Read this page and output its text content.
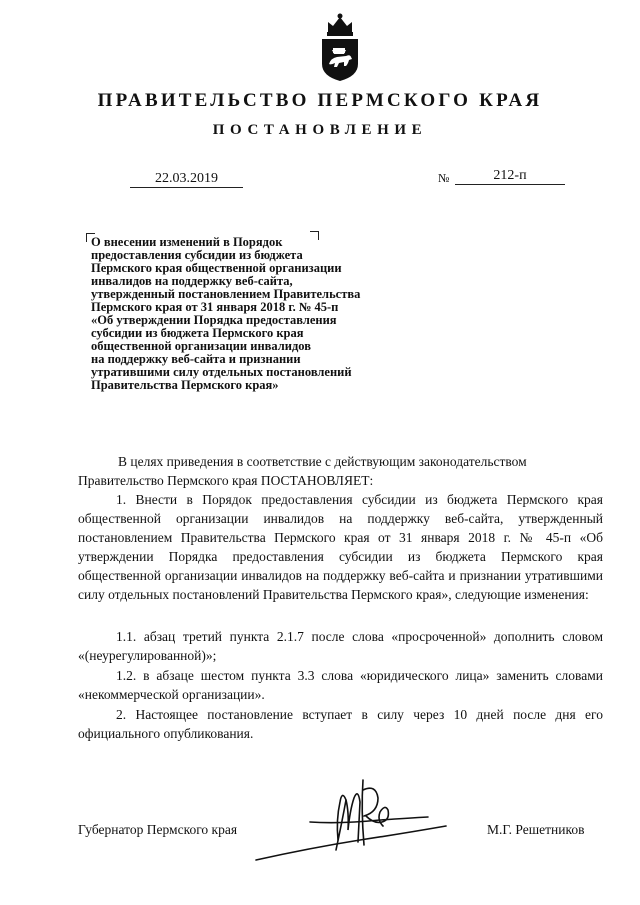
ПРАВИТЕЛЬСТВО ПЕРМСКОГО КРАЯ
ПОСТАНОВЛЕНИЕ
22.03.2019	№	212-п
О внесении изменений в Порядок
предоставления субсидии из бюджета
Пермского края общественной организации
инвалидов на поддержку веб-сайта,
утвержденный постановлением Правительства
Пермского края от 31 января 2018 г. № 45-п
«Об утверждении Порядка предоставления
субсидии из бюджета Пермского края
общественной организации инвалидов
на поддержку веб-сайта и признании
утратившими силу отдельных постановлений
Правительства Пермского края»
В целях приведения в соответствие с действующим законодательством
Правительство Пермского края ПОСТАНОВЛЯЕТ:
1. Внести в Порядок предоставления субсидии из бюджета Пермского края общественной организации инвалидов на поддержку веб-сайта, утвержденный постановлением Правительства Пермского края от 31 января 2018 г. № 45-п «Об утверждении Порядка предоставления субсидии из бюджета Пермского края общественной организации инвалидов на поддержку веб-сайта и признании утратившими силу отдельных постановлений Правительства Пермского края», следующие изменения:
1.1. абзац третий пункта 2.1.7 после слова «просроченной» дополнить словом «(неурегулированной)»;
1.2. в абзаце шестом пункта 3.3 слова «юридического лица» заменить словами «некоммерческой организации».
2. Настоящее постановление вступает в силу через 10 дней после дня его официального опубликования.
Губернатор Пермского края	М.Г. Решетников
